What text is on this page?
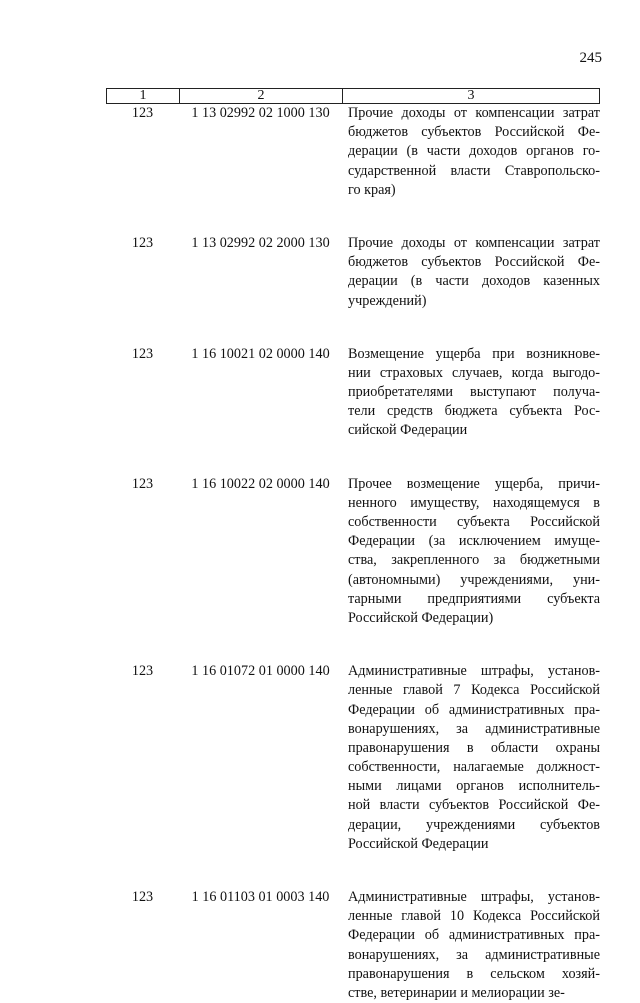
245
1	2	3
123	1 13 02992 02 1000 130	Прочие доходы от компенсации затрат
бюджетов субъектов Российской Фе-
дерации (в части доходов органов го-
сударственной власти Ставропольско-
го края)
123	1 13 02992 02 2000 130	Прочие доходы от компенсации затрат
бюджетов субъектов Российской Фе-
дерации (в части доходов казенных
учреждений)
123	1 16 10021 02 0000 140	Возмещение ущерба при возникнове-
нии страховых случаев, когда выгодо-
приобретателями выступают получа-
тели средств бюджета субъекта Рос-
сийской Федерации
123	1 16 10022 02 0000 140	Прочее возмещение ущерба, причи-
ненного имуществу, находящемуся в
собственности субъекта Российской
Федерации (за исключением имуще-
ства, закрепленного за бюджетными
(автономными) учреждениями, уни-
тарными предприятиями субъекта
Российской Федерации)
123	1 16 01072 01 0000 140	Административные штрафы, установ-
ленные главой 7 Кодекса Российской
Федерации об административных пра-
вонарушениях, за административные
правонарушения в области охраны
собственности, налагаемые должност-
ными лицами органов исполнитель-
ной власти субъектов Российской Фе-
дерации, учреждениями субъектов
Российской Федерации
123	1 16 01103 01 0003 140	Административные штрафы, установ-
ленные главой 10 Кодекса Российской
Федерации об административных пра-
вонарушениях, за административные
правонарушения в сельском хозяй-
стве, ветеринарии и мелиорации зе-
